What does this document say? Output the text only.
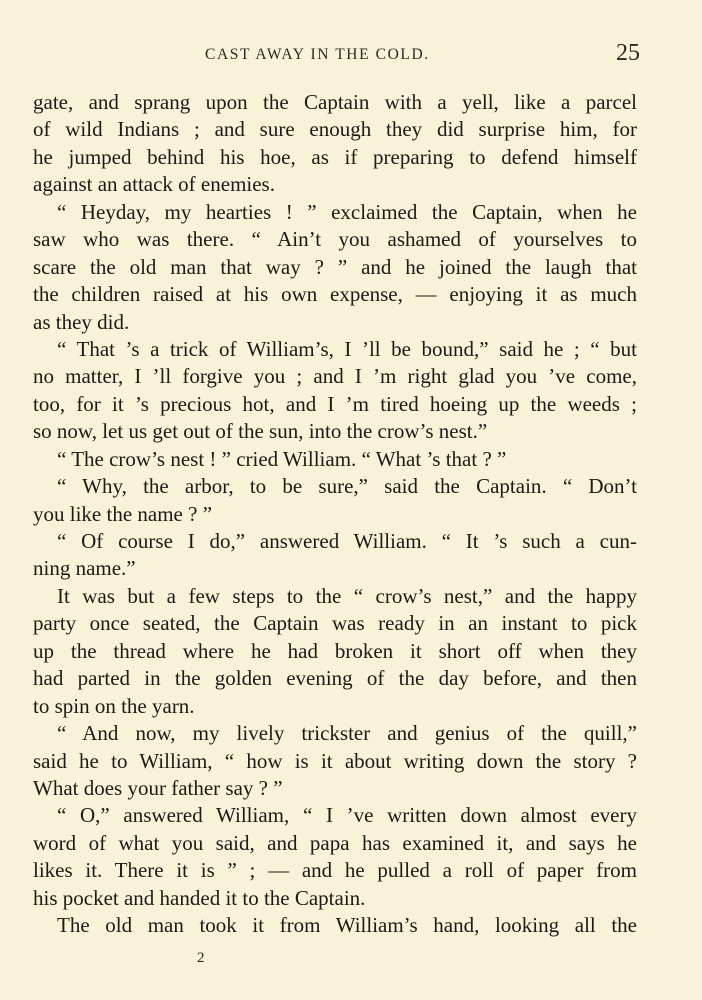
CAST AWAY IN THE COLD.	25
gate, and sprang upon the Captain with a yell, like a parcel
of wild Indians ; and sure enough they did surprise him, for
he jumped behind his hoe, as if preparing to defend himself
against an attack of enemies.
“ Heyday, my hearties ! ” exclaimed the Captain, when he
saw who was there. “ Ain’t you ashamed of yourselves to
scare the old man that way ? ” and he joined the laugh that
the children raised at his own expense, — enjoying it as much
as they did.
“ That ’s a trick of William’s, I ’ll be bound,” said he ; “ but
no matter, I ’ll forgive you ; and I ’m right glad you ’ve come,
too, for it ’s precious hot, and I ’m tired hoeing up the weeds ;
so now, let us get out of the sun, into the crow’s nest.”
“ The crow’s nest ! ” cried William. “ What ’s that ? ”
“ Why, the arbor, to be sure,” said the Captain. “ Don’t
you like the name ? ”
“ Of course I do,” answered William. “ It ’s such a cun-
ning name.”
It was but a few steps to the “ crow’s nest,” and the happy
party once seated, the Captain was ready in an instant to pick
up the thread where he had broken it short off when they
had parted in the golden evening of the day before, and then
to spin on the yarn.
“ And now, my lively trickster and genius of the quill,”
said he to William, “ how is it about writing down the story ?
What does your father say ? ”
“ O,” answered William, “ I ’ve written down almost every
word of what you said, and papa has examined it, and says he
likes it. There it is ” ; — and he pulled a roll of paper from
his pocket and handed it to the Captain.
The old man took it from William’s hand, looking all the
2
